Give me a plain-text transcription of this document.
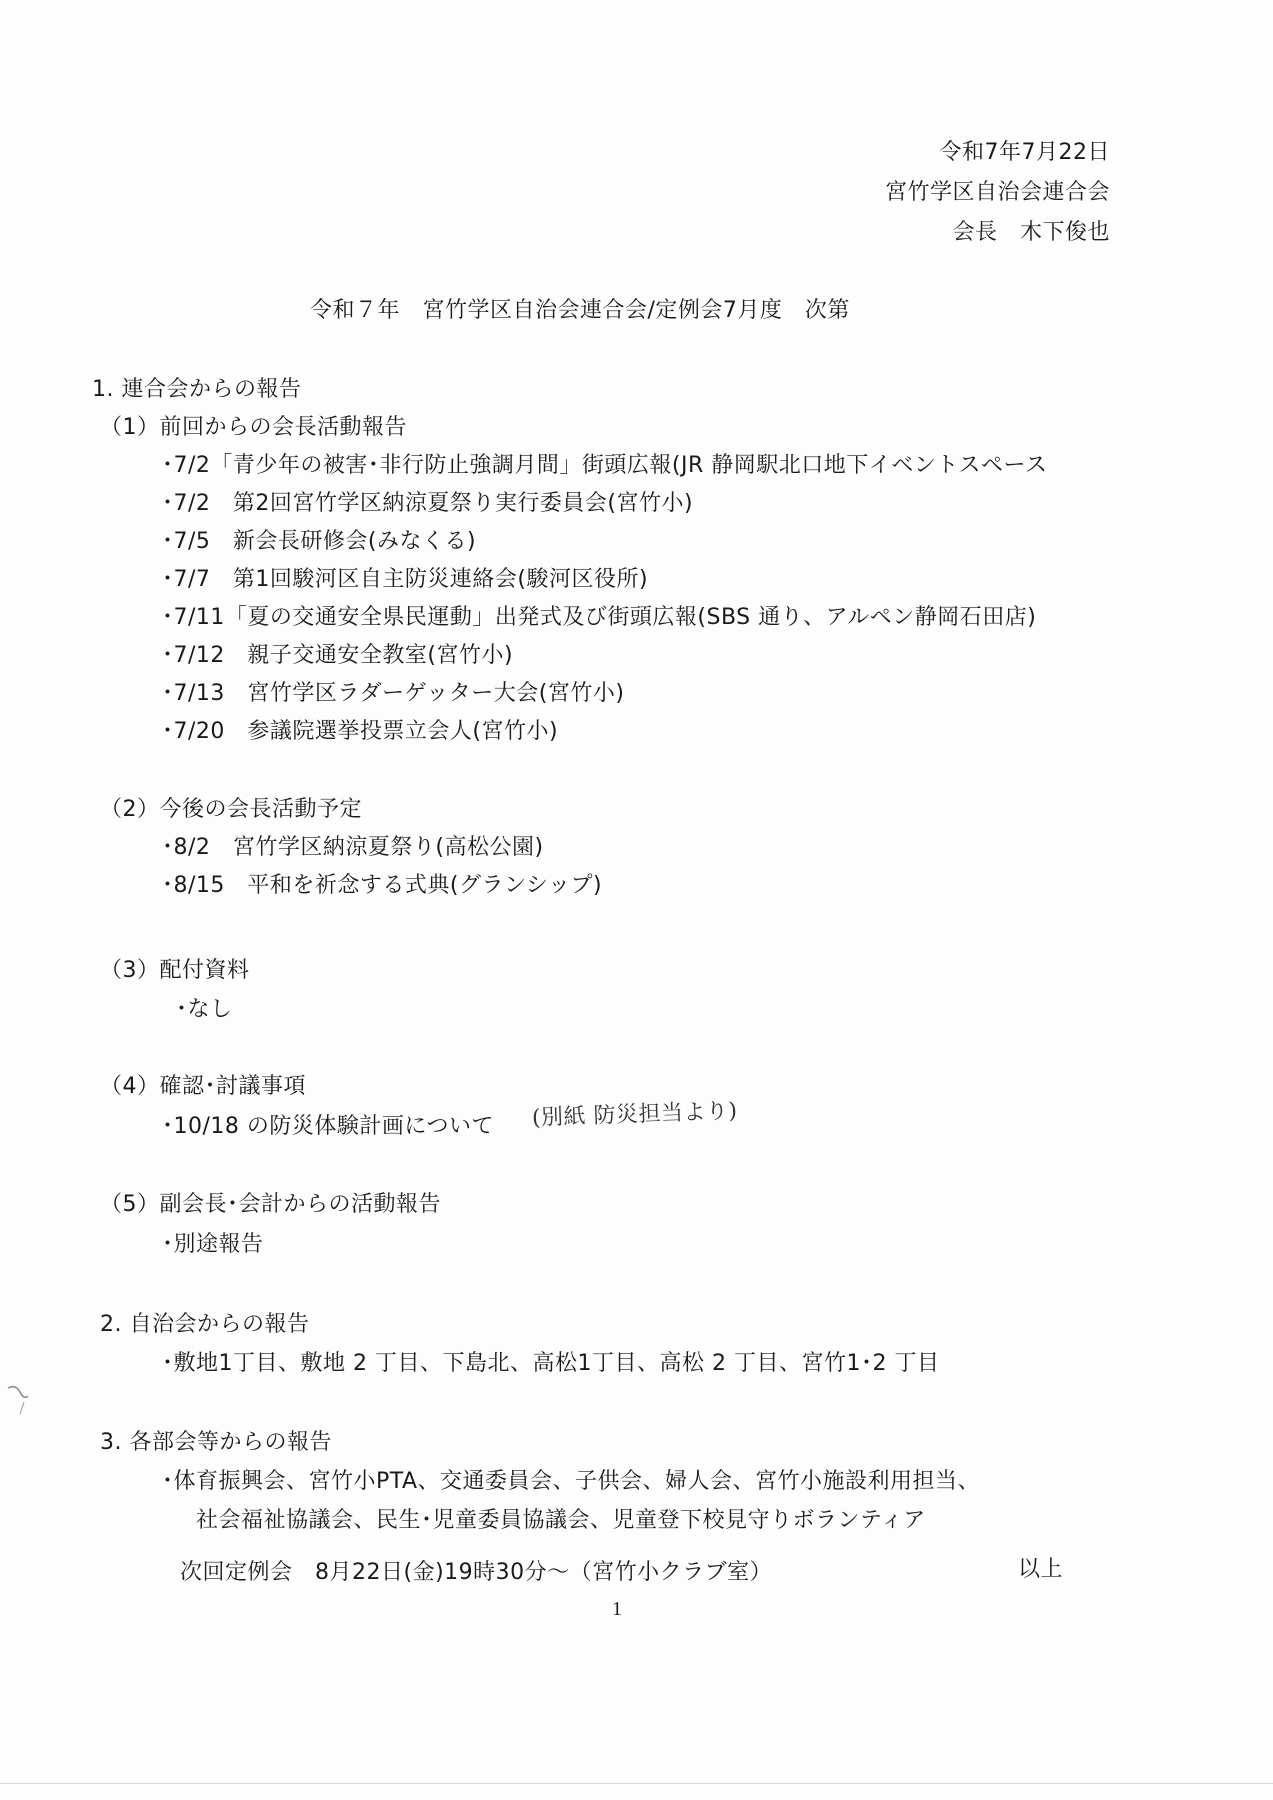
令和7年7月22日
宮竹学区自治会連合会
会長　木下俊也
令和７年　宮竹学区自治会連合会/定例会7月度　次第
1. 連合会からの報告
（1）前回からの会長活動報告
･7/2「青少年の被害･非行防止強調月間」街頭広報(JR 静岡駅北口地下イベントスペース
･7/2　第2回宮竹学区納涼夏祭り実行委員会(宮竹小)
･7/5　新会長研修会(みなくる)
･7/7　第1回駿河区自主防災連絡会(駿河区役所)
･7/11「夏の交通安全県民運動」出発式及び街頭広報(SBS 通り、アルペン静岡石田店)
･7/12　親子交通安全教室(宮竹小)
･7/13　宮竹学区ラダーゲッター大会(宮竹小)
･7/20　参議院選挙投票立会人(宮竹小)
（2）今後の会長活動予定
･8/2　宮竹学区納涼夏祭り(高松公園)
･8/15　平和を祈念する式典(グランシップ)
（3）配付資料
･なし
（4）確認･討議事項
･10/18 の防災体験計画について (別紙 防災担当より)
（5）副会長･会計からの活動報告
･別途報告
2. 自治会からの報告
･敷地1丁目、敷地 2 丁目、下島北、高松1丁目、高松 2 丁目、宮竹1･2 丁目
3. 各部会等からの報告
･体育振興会、宮竹小PTA、交通委員会、子供会、婦人会、宮竹小施設利用担当、
社会福祉協議会、民生･児童委員協議会、児童登下校見守りボランティア
次回定例会　8月22日(金)19時30分～（宮竹小クラブ室）	以上
1
